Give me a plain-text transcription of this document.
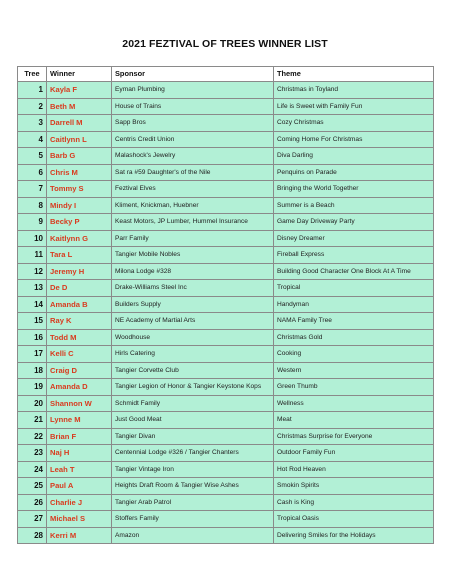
2021 FEZTIVAL OF TREES WINNER LIST
Tree	Winner	Sponsor	Theme
1	Kayla F	Eyman Plumbing	Christmas in Toyland
2	Beth M	House of Trains	Life is Sweet with Family Fun
3	Darrell M	Sapp Bros	Cozy Christmas
4	Caitlynn L	Centris Credit Union	Coming Home For Christmas
5	Barb G	Malashock's Jewelry	Diva Darling
6	Chris M	Sat ra #59 Daughter's of the Nile	Penquins on Parade
7	Tommy S	Feztival Elves	Bringing the World Together
8	Mindy I	Kliment, Knickman, Huebner	Summer is a Beach
9	Becky P	Keast Motors, JP Lumber, Hummel Insurance	Game Day Driveway Party
10	Kaitlynn G	Parr Family	Disney Dreamer
11	Tara L	Tangier Mobile Nobles	Fireball Express
12	Jeremy H	Milona Lodge #328	Building Good Character One Block At A Time
13	De D	Drake-Williams Steel Inc	Tropical
14	Amanda B	Builders Supply	Handyman
15	Ray K	NE Academy of Martial Arts	NAMA Family Tree
16	Todd M	Woodhouse	Christmas Gold
17	Kelli C	Hirls Catering	Cooking
18	Craig D	Tangier Corvette Club	Western
19	Amanda D	Tangier Legion of Honor & Tangier Keystone Kops	Green Thumb
20	Shannon W	Schmidt Family	Wellness
21	Lynne M	Just Good Meat	Meat
22	Brian F	Tangier Divan	Christmas Surprise for Everyone
23	Naj H	Centennial Lodge #326 / Tangier Chanters	Outdoor Family Fun
24	Leah T	Tangier Vintage Iron	Hot Rod Heaven
25	Paul A	Heights Draft Room & Tangier Wise Ashes	Smokin Spirits
26	Charlie J	Tangier Arab Patrol	Cash is King
27	Michael S	Stoffers Family	Tropical Oasis
28	Kerri M	Amazon	Delivering Smiles for the Holidays
